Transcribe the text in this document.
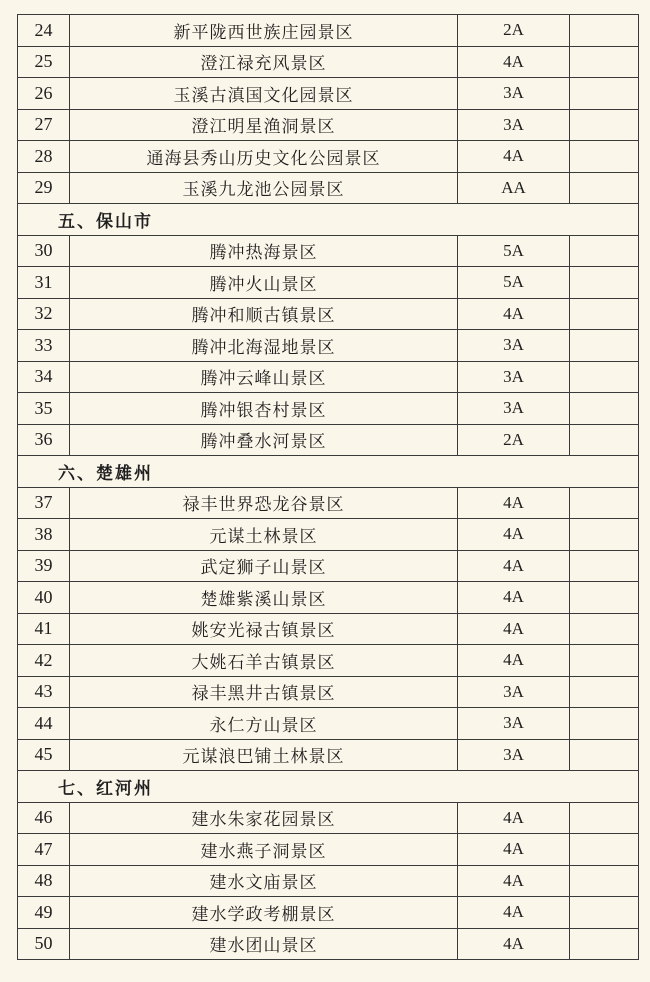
24	新平陇西世族庄园景区	2A	
25	澄江禄充风景区	4A	
26	玉溪古滇国文化园景区	3A	
27	澄江明星渔洞景区	3A	
28	通海县秀山历史文化公园景区	4A	
29	玉溪九龙池公园景区	AA	
五、保山市			
30	腾冲热海景区	5A	
31	腾冲火山景区	5A	
32	腾冲和顺古镇景区	4A	
33	腾冲北海湿地景区	3A	
34	腾冲云峰山景区	3A	
35	腾冲银杏村景区	3A	
36	腾冲叠水河景区	2A	
六、楚雄州			
37	禄丰世界恐龙谷景区	4A	
38	元谋土林景区	4A	
39	武定狮子山景区	4A	
40	楚雄紫溪山景区	4A	
41	姚安光禄古镇景区	4A	
42	大姚石羊古镇景区	4A	
43	禄丰黑井古镇景区	3A	
44	永仁方山景区	3A	
45	元谋浪巴铺土林景区	3A	
七、红河州			
46	建水朱家花园景区	4A	
47	建水燕子洞景区	4A	
48	建水文庙景区	4A	
49	建水学政考棚景区	4A	
50	建水团山景区	4A	
